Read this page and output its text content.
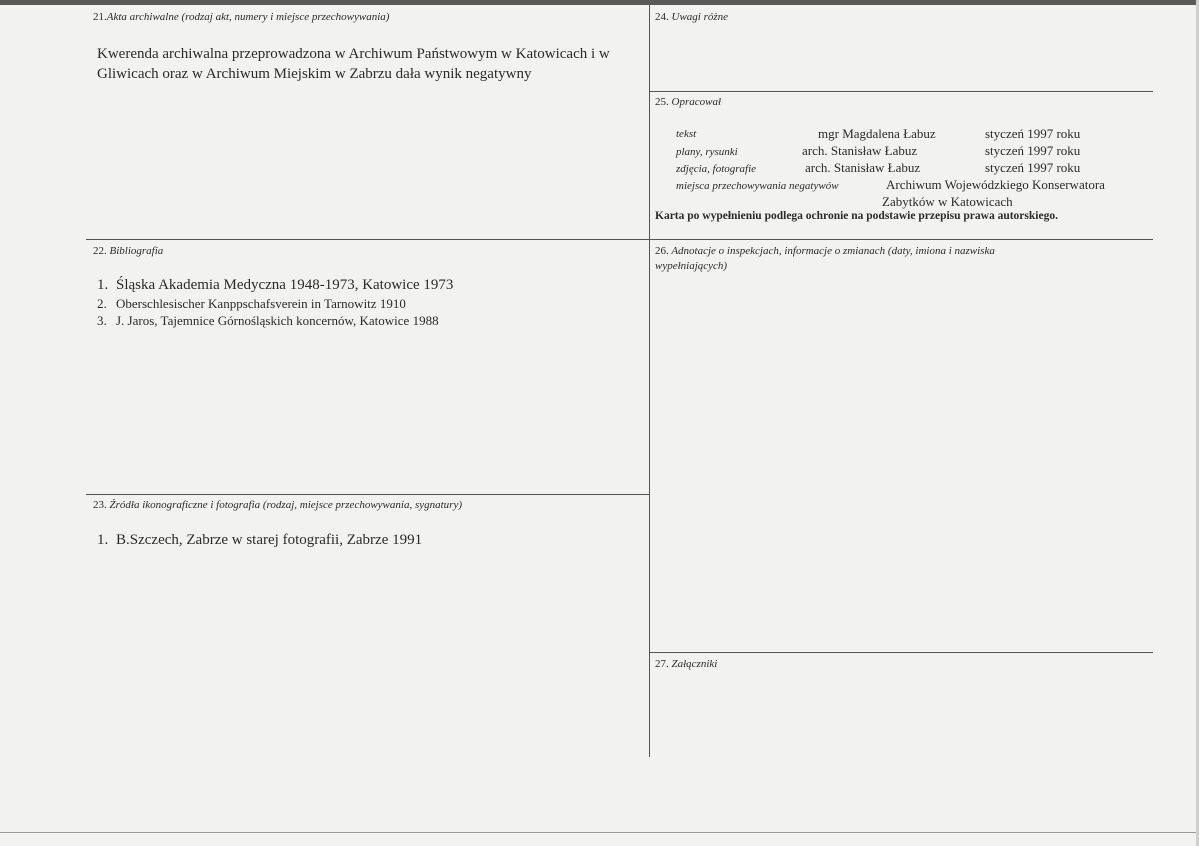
21.Akta archiwalne (rodzaj akt, numery i miejsce przechowywania)
Kwerenda archiwalna przeprowadzona w Archiwum Państwowym w Katowicach i w Gliwicach oraz w Archiwum Miejskim w Zabrzu dała wynik negatywny
24. Uwagi różne
25. Opracował
tekst	mgr Magdalena Łabuz	styczeń 1997 roku
plany, rysunki	arch. Stanisław Łabuz	styczeń 1997 roku
zdjęcia, fotografie	arch. Stanisław Łabuz	styczeń 1997 roku
miejsca przechowywania negatywów	Archiwum Wojewódzkiego Konserwatora
Zabytków w Katowicach
Karta po wypełnieniu podlega ochronie na podstawie przepisu prawa autorskiego.
22. Bibliografia
1. Śląska Akademia Medyczna 1948-1973, Katowice 1973
2. Oberschlesischer Kanppschafsverein in Tarnowitz 1910
3. J. Jaros, Tajemnice Górnośląskich koncernów, Katowice 1988
26. Adnotacje o inspekcjach, informacje o zmianach (daty, imiona i nazwiska
wypełniających)
23. Źródła ikonograficzne i fotografia (rodzaj, miejsce przechowywania, sygnatury)
1. B.Szczech, Zabrze w starej fotografii, Zabrze 1991
27. Załączniki
